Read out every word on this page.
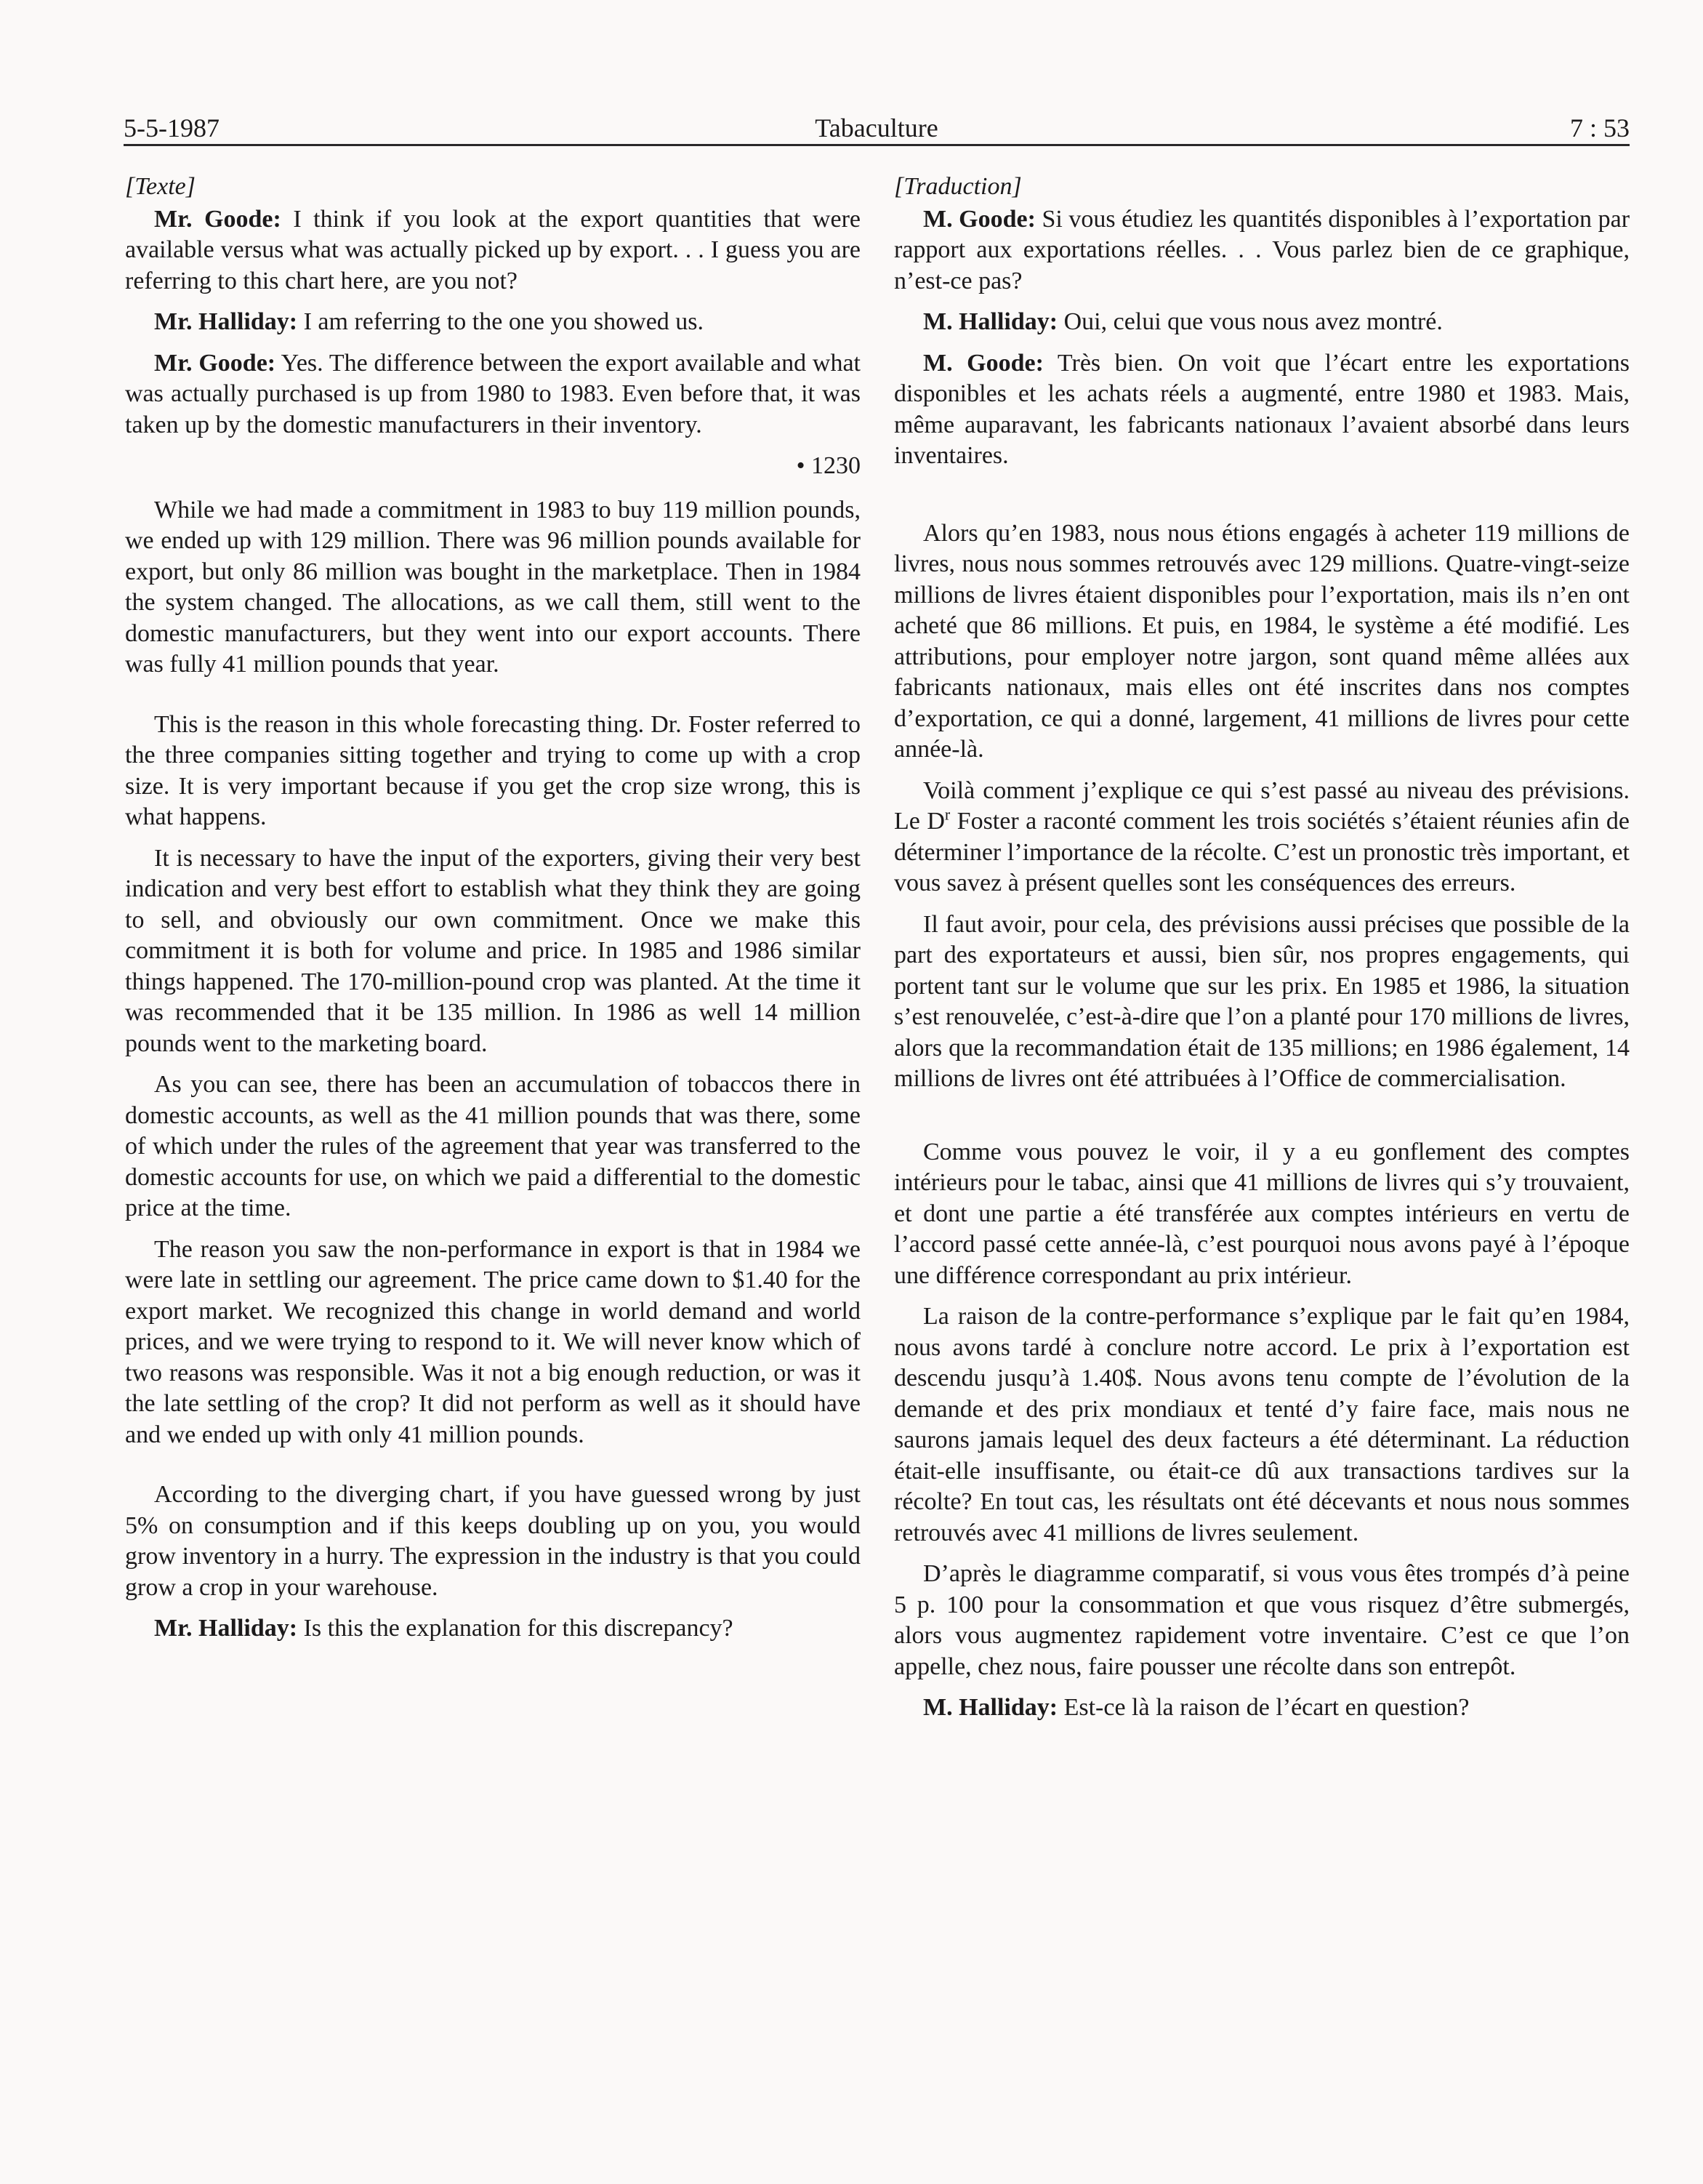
5-5-1987	Tabaculture	7 : 53

[Texte]

Mr. Goode: I think if you look at the export quantities that were available versus what was actually picked up by export. . . I guess you are referring to this chart here, are you not?

Mr. Halliday: I am referring to the one you showed us.

Mr. Goode: Yes. The difference between the export available and what was actually purchased is up from 1980 to 1983. Even before that, it was taken up by the domestic manufacturers in their inventory.

• 1230

While we had made a commitment in 1983 to buy 119 million pounds, we ended up with 129 million. There was 96 million pounds available for export, but only 86 million was bought in the marketplace. Then in 1984 the system changed. The allocations, as we call them, still went to the domestic manufacturers, but they went into our export accounts. There was fully 41 million pounds that year.

This is the reason in this whole forecasting thing. Dr. Foster referred to the three companies sitting together and trying to come up with a crop size. It is very important because if you get the crop size wrong, this is what happens.

It is necessary to have the input of the exporters, giving their very best indication and very best effort to establish what they think they are going to sell, and obviously our own commitment. Once we make this commitment it is both for volume and price. In 1985 and 1986 similar things happened. The 170-million-pound crop was planted. At the time it was recommended that it be 135 million. In 1986 as well 14 million pounds went to the marketing board.

As you can see, there has been an accumulation of tobaccos there in domestic accounts, as well as the 41 million pounds that was there, some of which under the rules of the agreement that year was transferred to the domestic accounts for use, on which we paid a differential to the domestic price at the time.

The reason you saw the non-performance in export is that in 1984 we were late in settling our agreement. The price came down to $1.40 for the export market. We recognized this change in world demand and world prices, and we were trying to respond to it. We will never know which of two reasons was responsible. Was it not a big enough reduction, or was it the late settling of the crop? It did not perform as well as it should have and we ended up with only 41 million pounds.

According to the diverging chart, if you have guessed wrong by just 5% on consumption and if this keeps doubling up on you, you would grow inventory in a hurry. The expression in the industry is that you could grow a crop in your warehouse.

Mr. Halliday: Is this the explanation for this discrepancy?

[Traduction]

M. Goode: Si vous étudiez les quantités disponibles à l’exportation par rapport aux exportations réelles. . . Vous parlez bien de ce graphique, n’est-ce pas?

M. Halliday: Oui, celui que vous nous avez montré.

M. Goode: Très bien. On voit que l’écart entre les exportations disponibles et les achats réels a augmenté, entre 1980 et 1983. Mais, même auparavant, les fabricants nationaux l’avaient absorbé dans leurs inventaires.

Alors qu’en 1983, nous nous étions engagés à acheter 119 millions de livres, nous nous sommes retrouvés avec 129 millions. Quatre-vingt-seize millions de livres étaient disponibles pour l’exportation, mais ils n’en ont acheté que 86 millions. Et puis, en 1984, le système a été modifié. Les attributions, pour employer notre jargon, sont quand même allées aux fabricants nationaux, mais elles ont été inscrites dans nos comptes d’exportation, ce qui a donné, largement, 41 millions de livres pour cette année-là.

Voilà comment j’explique ce qui s’est passé au niveau des prévisions. Le $D^r$ Foster a raconté comment les trois sociétés s’étaient réunies afin de déterminer l’importance de la récolte. C’est un pronostic très important, et vous savez à présent quelles sont les conséquences des erreurs.

Il faut avoir, pour cela, des prévisions aussi précises que possible de la part des exportateurs et aussi, bien sûr, nos propres engagements, qui portent tant sur le volume que sur les prix. En 1985 et 1986, la situation s’est renouvelée, c’est-à-dire que l’on a planté pour 170 millions de livres, alors que la recommandation était de 135 millions; en 1986 également, 14 millions de livres ont été attribuées à l’Office de commercialisation.

Comme vous pouvez le voir, il y a eu gonflement des comptes intérieurs pour le tabac, ainsi que 41 millions de livres qui s’y trouvaient, et dont une partie a été transférée aux comptes intérieurs en vertu de l’accord passé cette année-là, c’est pourquoi nous avons payé à l’époque une différence correspondant au prix intérieur.

La raison de la contre-performance s’explique par le fait qu’en 1984, nous avons tardé à conclure notre accord. Le prix à l’exportation est descendu jusqu’à 1.40$. Nous avons tenu compte de l’évolution de la demande et des prix mondiaux et tenté d’y faire face, mais nous ne saurons jamais lequel des deux facteurs a été déterminant. La réduction était-elle insuffisante, ou était-ce dû aux transactions tardives sur la récolte? En tout cas, les résultats ont été décevants et nous nous sommes retrouvés avec 41 millions de livres seulement.

D’après le diagramme comparatif, si vous vous êtes trompés d’à peine 5 p. 100 pour la consommation et que vous risquez d’être submergés, alors vous augmentez rapidement votre inventaire. C’est ce que l’on appelle, chez nous, faire pousser une récolte dans son entrepôt.

M. Halliday: Est-ce là la raison de l’écart en question?
